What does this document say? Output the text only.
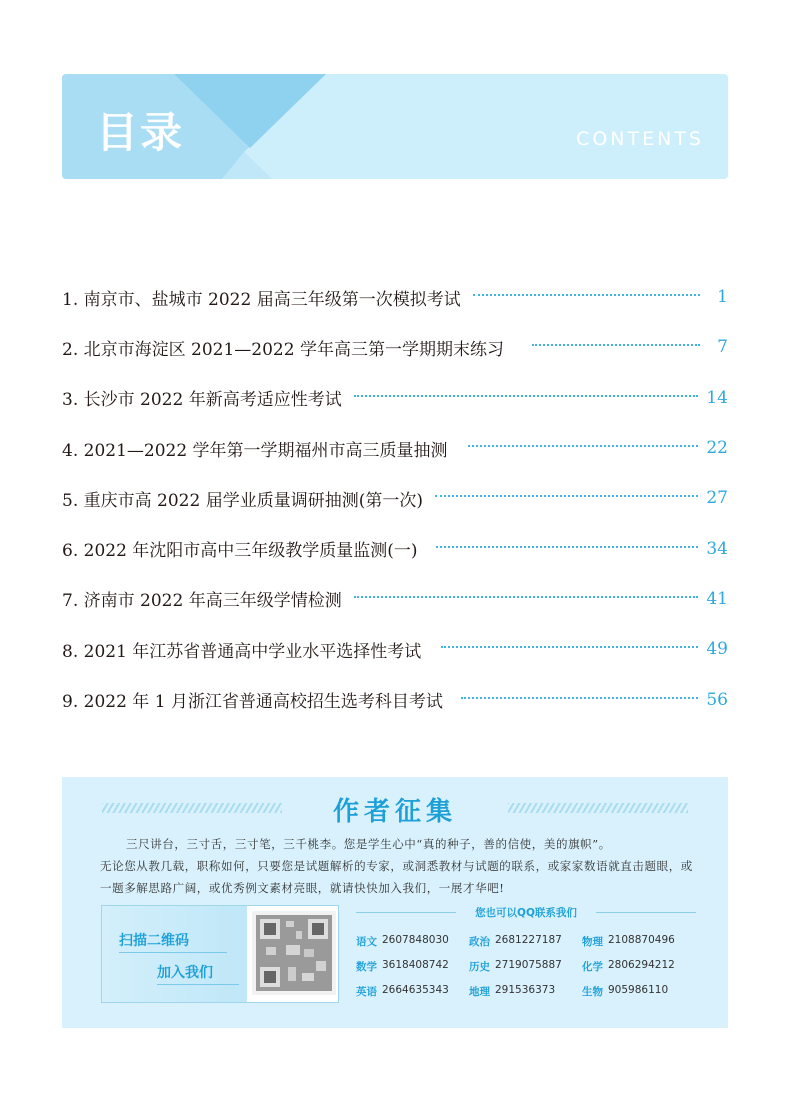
目录	CONTENTS
1. 南京市、盐城市 2022 届高三年级第一次模拟考试	1
2. 北京市海淀区 2021—2022 学年高三第一学期期末练习	7
3. 长沙市 2022 年新高考适应性考试	14
4. 2021—2022 学年第一学期福州市高三质量抽测	22
5. 重庆市高 2022 届学业质量调研抽测(第一次)	27
6. 2022 年沈阳市高中三年级教学质量监测(一)	34
7. 济南市 2022 年高三年级学情检测	41
8. 2021 年江苏省普通高中学业水平选择性考试	49
9. 2022 年 1 月浙江省普通高校招生选考科目考试	56
作者征集

三尺讲台，三寸舌，三寸笔，三千桃李。您是学生心中“真的种子，善的信使，美的旗帜”。

无论您从教几载，职称如何，只要您是试题解析的专家，或洞悉教材与试题的联系，或家家数语就直击题眼，或一题多解思路广阔，或优秀例文素材亮眼，就请快快加入我们，一展才华吧!

扫描二维码
加入我们
您也可以QQ联系我们
语文 2607848030 政治 2681227187 物理 2108870496
数学 3618408742 历史 2719075887 化学 2806294212
英语 2664635343 地理 291536373	生物 905986110
